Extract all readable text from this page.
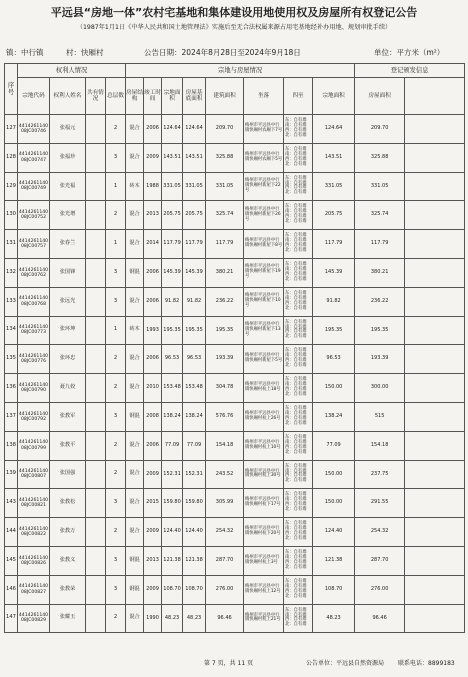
平远县“房地一体”农村宅基地和集体建设用地使用权及房屋所有权登记公告
（1987年1月1日《中华人民共和国土地管理法》实施后至无合法权属来源占用宅基地经补办用地、规划审批手续）
镇：中行镇	村：快厢村	公告日期：2024年8月28日至2024年9月18日	单位：平方米（m²）
序号	权利人情况				宗地与房屋情况								登记颁发信息	
	宗地代码	权利人姓名	共有情况	总层数	房屋结构	竣工时间	宗地面积	房屋基底面积	建筑面积	坐落	四至	宗地面积	房屋面积		
127	441426114008JC00746	张福元		2	混合	2006	124.64	124.64	209.70	梅州市平远县中行镇快厢村农厢下7号	东：自有墙 南：自有墙 西：自有墙 北：自有墙	124.64	209.70		
128	441426114008JC00747	张福珍		3	混合	2009	143.51	143.51	325.88	梅州市平远县中行镇快厢村农厢下5号	东：自有墙 南：自有墙 西：自有墙 北：自有墙	143.51	325.88		
129	441426114008JC00749	张光福		1	砖木	1988	331.05	331.05	331.05	梅州市平远县中行镇快厢村新屋下22号	东：自有墙 南：自有墙 西：自有墙 北：自有墙	331.05	331.05		
130	441426114008JC00752	张光增		2	混合	2013	205.75	205.75	325.74	梅州市平远县中行镇快厢村新屋下26号	东：自有墙 南：自有墙 西：自有墙 北：自有墙	205.75	325.74		
131	441426114008JC00757	张春兰		1	混合	2014	117.79	117.79	117.79	梅州市平远县中行镇快厢村新屋下8号	东：自有墙 南：自有墙 西：自有墙 北：自有墙	117.79	117.79		
132	441426114008JC00762	张国锋		3	钢混	2006	145.39	145.39	380.21	梅州市平远县中行镇快厢村新屋下19号	东：自有墙 南：自有墙 西：自有墙 北：自有墙	145.39	380.21		
133	441426114008JC00768	张远光		3	混合	2006	91.82	91.82	236.22	梅州市平远县中行镇快厢村新屋下10号	东：自有墙 南：自有墙 西：自有墙 北：自有墙	91.82	236.22		
134	441426114008JC00773	张环坤		1	砖木	1993	195.35	195.35	195.35	梅州市平远县中行镇快厢村新屋下13号	东：自有墙 南：自有墙 西：自有墙 北：自有墙	195.35	195.35		
135	441426114008JC00776	张环忠		2	混合	2006	96.53	96.53	193.39	梅州市平远县中行镇快厢村新屋下5号	东：自有墙 南：自有墙 西：自有墙 北：自有墙	96.53	193.39		
136	441426114008JC00790	聂九姣		2	混合	2010	153.48	153.48	304.78	梅州市平远县中行镇快厢村杭上18号	东：自有墙 南：自有墙 西：自有墙 北：自有墙	150.00	300.00		
137	441426114008JC00792	张教军		3	钢混	2008	138.24	138.24	576.76	梅州市平远县中行镇快厢村杭上26号	东：自有墙 南：自有墙 西：自有墙 北：自有墙	138.24	515		
138	441426114008JC00799	张教平		2	混合	2006	77.09	77.09	154.18	梅州市平远县中行镇快厢村杭上10号	东：自有墙 南：自有墙 西：自有墙 北：自有墙	77.09	154.18		
139	441426114008JC00807	张国强		2	混合	2009	152.31	152.31	243.52	梅州市平远县中行镇快厢村杭上30号	东：自有墙 南：自有墙 西：自有墙 北：自有墙	150.00	237.75		
143	441426114008JC00821	张教松		3	混合	2015	159.80	159.80	305.99	梅州市平远县中行镇快厢村杭下17号	东：自有墙 南：自有墙 西：自有墙 北：自有墙	150.00	291.55		
144	441426114008JC00822	张教万		2	混合	2009	124.40	124.40	254.32	梅州市平远县中行镇快厢村杭下20号	东：自有墙 南：自有墙 西：自有墙 北：自有墙	124.40	254.32		
145	441426114008JC00826	张教义		3	钢混	2013	121.38	121.38	287.70	梅州市平远县中行镇快厢村杭上3号	东：自有墙 南：自有墙 西：自有墙 北：自有墙	121.38	287.70		
146	441426114008JC00827	张教荣		3	钢混	2009	108.70	108.70	276.00	梅州市平远县中行镇快厢村杭上12号	东：自有墙 南：自有墙 西：自有墙 北：自有墙	108.70	276.00		
147	441426114008JC00829	张耀玉		2	混合	1990	48.23	48.23	96.46	梅州市平远县中行镇快厢村杭上21号	东：自有墙 南：自有墙 西：自有墙 北：自有墙	48.23	96.46		
第 7 页，共 11 页	公告单位：平远县自然资源局 联系电话：8899183
